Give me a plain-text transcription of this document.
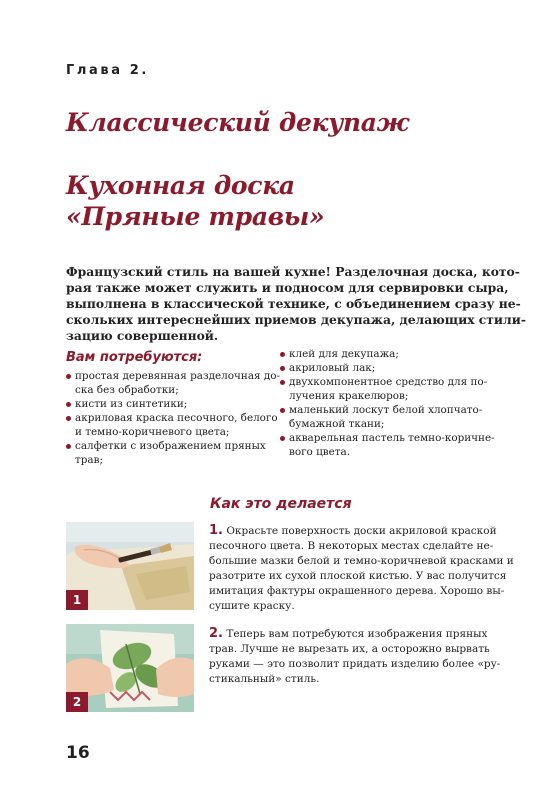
Глава 2.
Классический декупаж
Кухонная доска
«Пряные травы»

Французский стиль на вашей кухне! Разделочная доска, кото-
рая также может служить и подносом для сервировки сыра,
выполнена в классической технике, с объединением сразу не-
скольких интереснейших приемов декупажа, делающих стили-
зацию совершенной.

Вам потребуются:
простая деревянная разделочная до-
ска без обработки;
кисти из синтетики;
акриловая краска песочного, белого
и темно-коричневого цвета;
салфетки с изображением пряных
трав;
клей для декупажа;
акриловый лак;
двухкомпонентное средство для по-
лучения кракелюров;
маленький лоскут белой хлопчато-
бумажной ткани;
акварельная пастель темно-коричне-
вого цвета.
Как это делается
1
2

1. Окрасьте поверхность доски акриловой краской
песочного цвета. В некоторых местах сделайте не-
большие мазки белой и темно-коричневой красками и
разотрите их сухой плоской кистью. У вас получится
имитация фактуры окрашенного дерева. Хорошо вы-
сушите краску.

2. Теперь вам потребуются изображения пряных
трав. Лучше не вырезать их, а осторожно вырвать
руками — это позволит придать изделию более «ру-
стикальный» стиль.

16
